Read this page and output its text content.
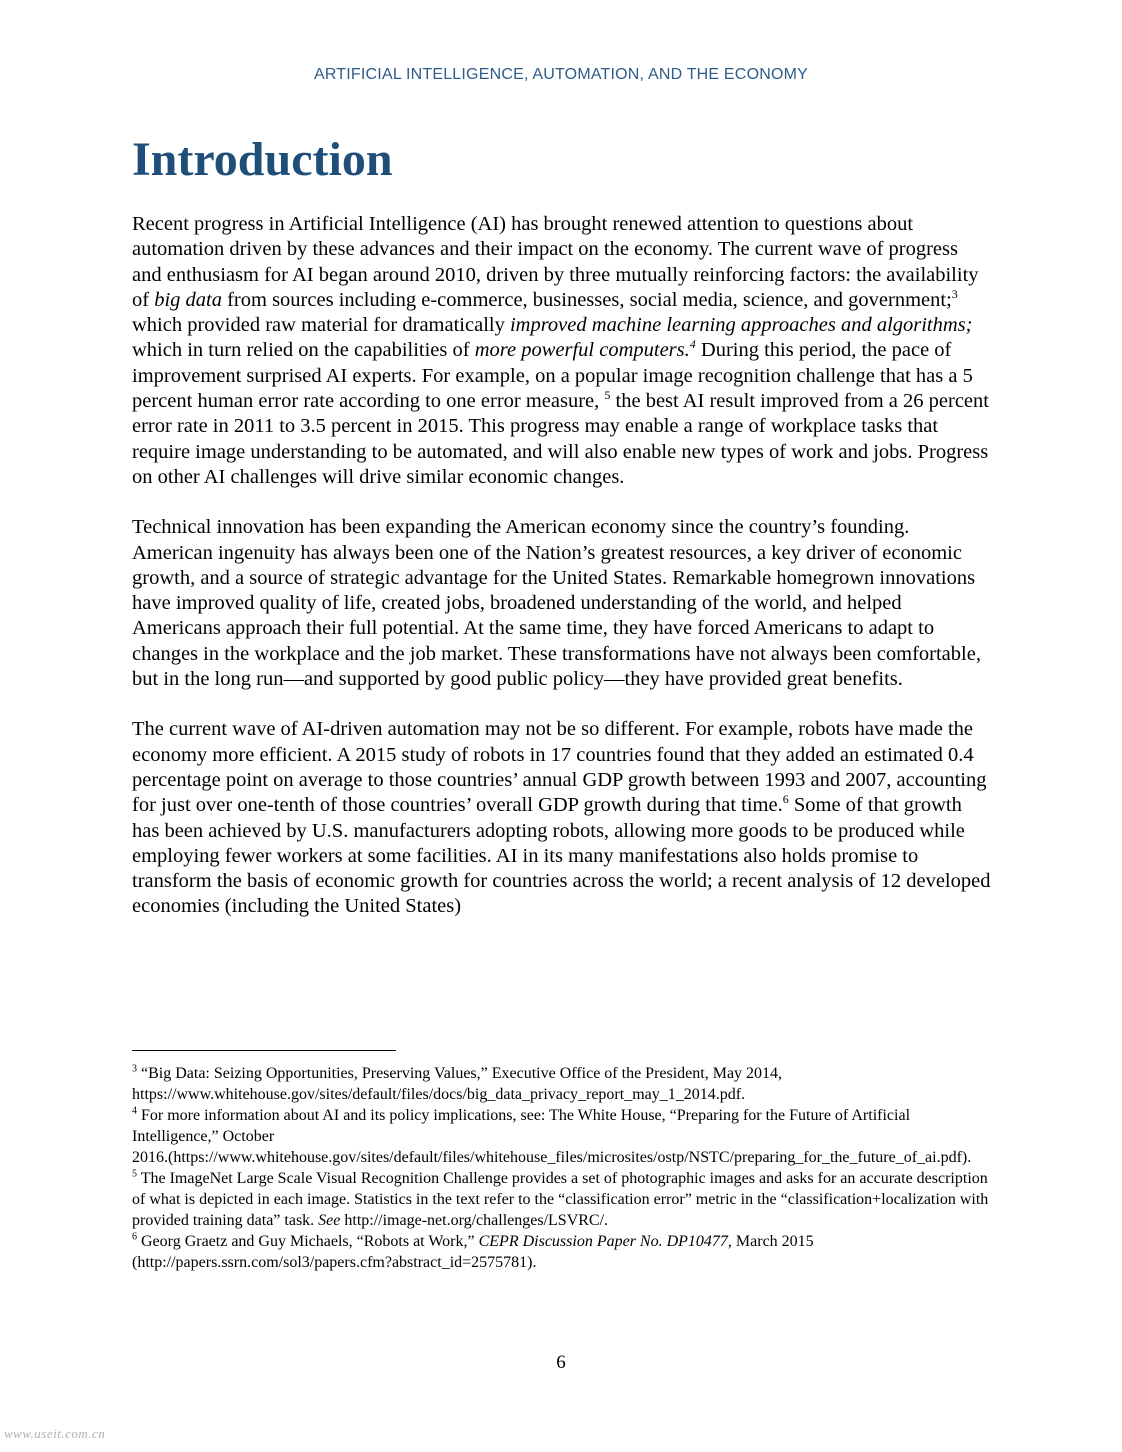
ARTIFICIAL INTELLIGENCE, AUTOMATION, AND THE ECONOMY
Introduction

Recent progress in Artificial Intelligence (AI) has brought renewed attention to questions about automation driven by these advances and their impact on the economy. The current wave of progress and enthusiasm for AI began around 2010, driven by three mutually reinforcing factors: the availability of big data from sources including e-commerce, businesses, social media, science, and government;$^3$ which provided raw material for dramatically improved machine learning approaches and algorithms; which in turn relied on the capabilities of more powerful computers.$^4$ During this period, the pace of improvement surprised AI experts. For example, on a popular image recognition challenge that has a 5 percent human error rate according to one error measure, $^5$ the best AI result improved from a 26 percent error rate in 2011 to 3.5 percent in 2015. This progress may enable a range of workplace tasks that require image understanding to be automated, and will also enable new types of work and jobs. Progress on other AI challenges will drive similar economic changes.

Technical innovation has been expanding the American economy since the country’s founding. American ingenuity has always been one of the Nation’s greatest resources, a key driver of economic growth, and a source of strategic advantage for the United States. Remarkable homegrown innovations have improved quality of life, created jobs, broadened understanding of the world, and helped Americans approach their full potential. At the same time, they have forced Americans to adapt to changes in the workplace and the job market. These transformations have not always been comfortable, but in the long run—and supported by good public policy—they have provided great benefits.

The current wave of AI-driven automation may not be so different. For example, robots have made the economy more efficient. A 2015 study of robots in 17 countries found that they added an estimated 0.4 percentage point on average to those countries’ annual GDP growth between 1993 and 2007, accounting for just over one-tenth of those countries’ overall GDP growth during that time.$^6$ Some of that growth has been achieved by U.S. manufacturers adopting robots, allowing more goods to be produced while employing fewer workers at some facilities. AI in its many manifestations also holds promise to transform the basis of economic growth for countries across the world; a recent analysis of 12 developed economies (including the United States)

$^3$ “Big Data: Seizing Opportunities, Preserving Values,” Executive Office of the President, May 2014, https://www.whitehouse.gov/sites/default/files/docs/big_data_privacy_report_may_1_2014.pdf.

$^4$ For more information about AI and its policy implications, see: The White House, “Preparing for the Future of Artificial Intelligence,” October
2016.(https://www.whitehouse.gov/sites/default/files/whitehouse_files/microsites/ostp/NSTC/preparing_for_the_future_of_ai.pdf).

$^5$ The ImageNet Large Scale Visual Recognition Challenge provides a set of photographic images and asks for an accurate description of what is depicted in each image. Statistics in the text refer to the “classification error” metric in the “classification+localization with provided training data” task. See http://image-net.org/challenges/LSVRC/.

$^6$ Georg Graetz and Guy Michaels, “Robots at Work,” CEPR Discussion Paper No. DP10477, March 2015 (http://papers.ssrn.com/sol3/papers.cfm?abstract_id=2575781).

6
www.useit.com.cn
